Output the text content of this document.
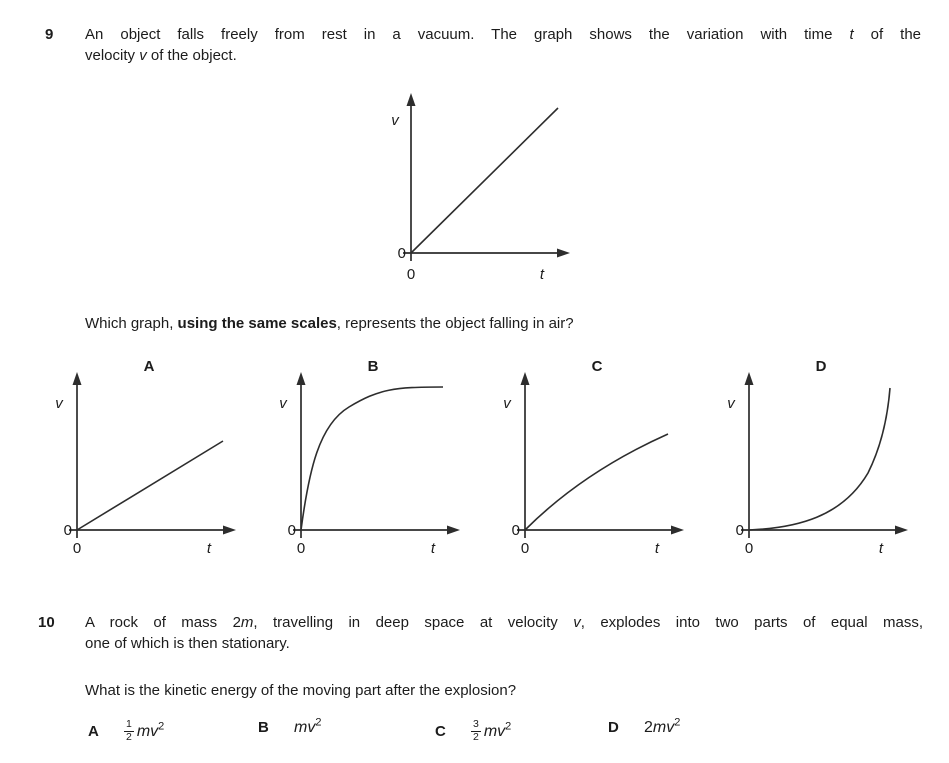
9 An object falls freely from rest in a vacuum. The graph shows the variation with time t of the
velocity v of the object.
v
0
0	t
Which graph, using the same scales, represents the object falling in air?
v
0
0	t
A
v
0
0	t
B
v
0
0	t
C
v
0
0	t
D
10 A rock of mass 2m, travelling in deep space at velocity v, explodes into two parts of equal mass,
one of which is then stationary.
What is the kinetic energy of the moving part after the explosion?
A $\frac{1}{2} mv^2$	B $mv^2$
C $\frac{3}{2} mv^2$	D $2mv^2$
